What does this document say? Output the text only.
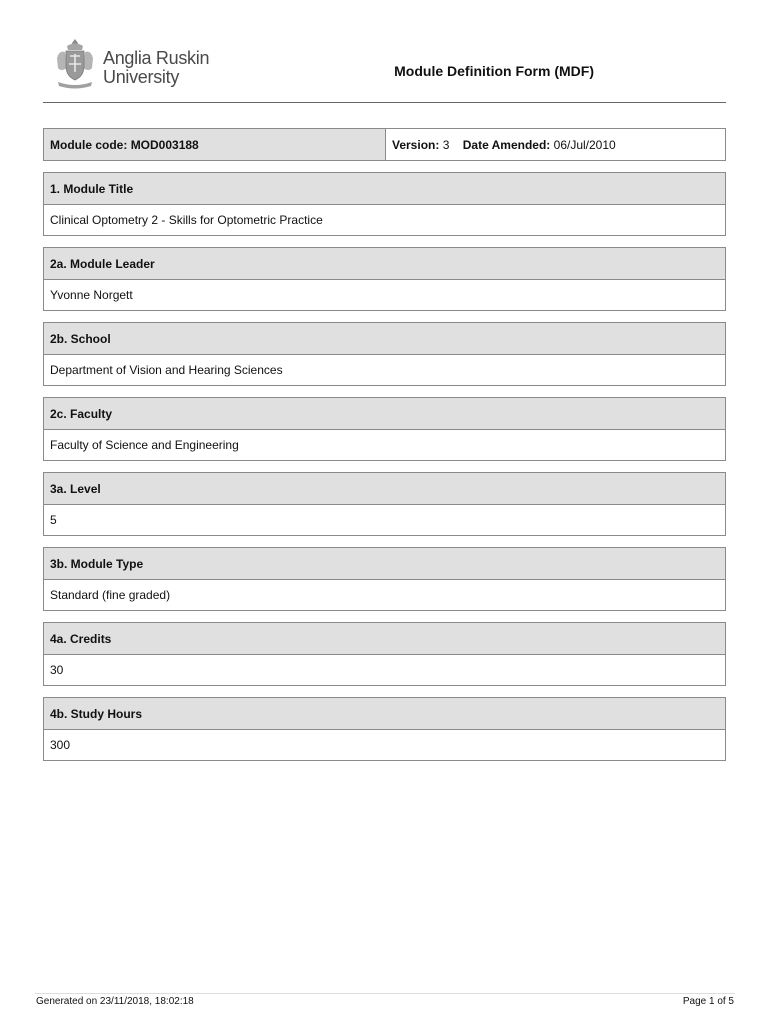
Anglia Ruskin
University	Module Definition Form (MDF)
Module code: MOD003188	Version: 3 Date Amended: 06/Jul/2010
1. Module Title
Clinical Optometry 2 - Skills for Optometric Practice
2a. Module Leader
Yvonne Norgett
2b. School
Department of Vision and Hearing Sciences
2c. Faculty
Faculty of Science and Engineering
3a. Level
5
3b. Module Type
Standard (fine graded)
4a. Credits
30
4b. Study Hours
300
Generated on 23/11/2018, 18:02:18	Page 1 of 5
